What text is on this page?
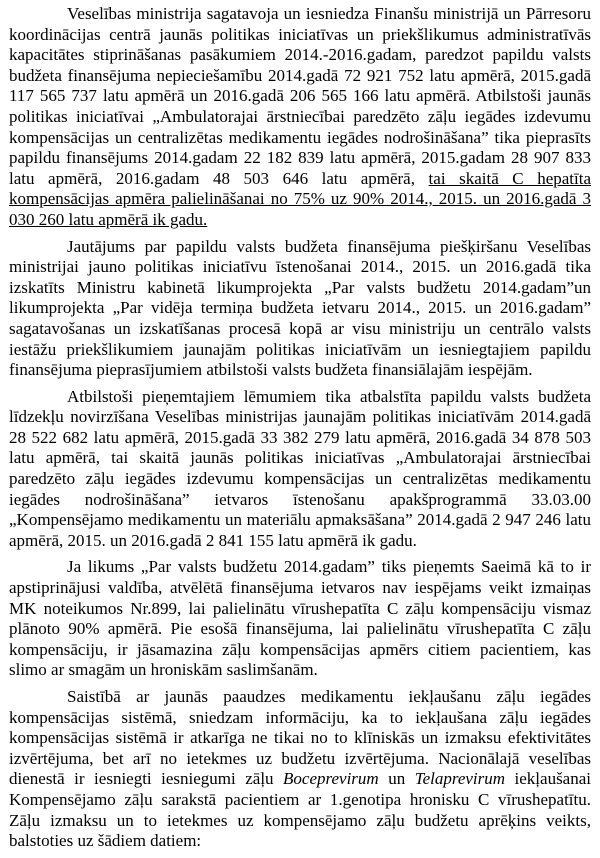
Veselības ministrija sagatavoja un iesniedza Finanšu ministrijā un Pārresoru koordinācijas centrā jaunās politikas iniciatīvas un priekšlikumus administratīvās kapacitātes stiprināšanas pasākumiem 2014.-2016.gadam, paredzot papildu valsts budžeta finansējuma nepieciešamību 2014.gadā 72 921 752 latu apmērā, 2015.gadā 117 565 737 latu apmērā un 2016.gadā 206 565 166 latu apmērā. Atbilstoši jaunās politikas iniciatīvai „Ambulatorajai ārstniecībai paredzēto zāļu iegādes izdevumu kompensācijas un centralizētas medikamentu iegādes nodrošināšana” tika pieprasīts papildu finansējums 2014.gadam 22 182 839 latu apmērā, 2015.gadam 28 907 833 latu apmērā, 2016.gadam 48 503 646 latu apmērā, tai skaitā C hepatīta kompensācijas apmēra palielināšanai no 75% uz 90% 2014., 2015. un 2016.gadā 3 030 260 latu apmērā ik gadu.

Jautājums par papildu valsts budžeta finansējuma piešķiršanu Veselības ministrijai jauno politikas iniciatīvu īstenošanai 2014., 2015. un 2016.gadā tika izskatīts Ministru kabinetā likumprojekta „Par valsts budžetu 2014.gadam”un likumprojekta „Par vidēja termiņa budžeta ietvaru 2014., 2015. un 2016.gadam” sagatavošanas un izskatīšanas procesā kopā ar visu ministriju un centrālo valsts iestāžu priekšlikumiem jaunajām politikas iniciatīvām un iesniegtajiem papildu finansējuma pieprasījumiem atbilstoši valsts budžeta finansiālajām iespējām.

Atbilstoši pieņemtajiem lēmumiem tika atbalstīta papildu valsts budžeta līdzekļu novirzīšana Veselības ministrijas jaunajām politikas iniciatīvām 2014.gadā 28 522 682 latu apmērā, 2015.gadā 33 382 279 latu apmērā, 2016.gadā 34 878 503 latu apmērā, tai skaitā jaunās politikas iniciatīvas „Ambulatorajai ārstniecībai paredzēto zāļu iegādes izdevumu kompensācijas un centralizētas medikamentu iegādes nodrošināšana” ietvaros īstenošanu apakšprogrammā 33.03.00 „Kompensējamo medikamentu un materiālu apmaksāšana” 2014.gadā 2 947 246 latu apmērā, 2015. un 2016.gadā 2 841 155 latu apmērā ik gadu.

Ja likums „Par valsts budžetu 2014.gadam” tiks pieņemts Saeimā kā to ir apstiprinājusi valdība, atvēlētā finansējuma ietvaros nav iespējams veikt izmaiņas MK noteikumos Nr.899, lai palielinātu vīrushepatīta C zāļu kompensāciju vismaz plānoto 90% apmērā. Pie esošā finansējuma, lai palielinātu vīrushepatīta C zāļu kompensāciju, ir jāsamazina zāļu kompensācijas apmērs citiem pacientiem, kas slimo ar smagām un hroniskām saslimšanām.

Saistībā ar jaunās paaudzes medikamentu iekļaušanu zāļu iegādes kompensācijas sistēmā, sniedzam informāciju, ka to iekļaušana zāļu iegādes kompensācijas sistēmā ir atkarīga ne tikai no to klīniskās un izmaksu efektivitātes izvērtējuma, bet arī no ietekmes uz budžetu izvērtējuma. Nacionālajā veselības dienestā ir iesniegti iesniegumi zāļu Boceprevirum un Telaprevirum iekļaušanai Kompensējamo zāļu sarakstā pacientiem ar 1.genotipa hronisku C vīrushepatītu. Zāļu izmaksu un to ietekmes uz kompensējamo zāļu budžetu aprēķins veikts, balstoties uz šādiem datiem:
